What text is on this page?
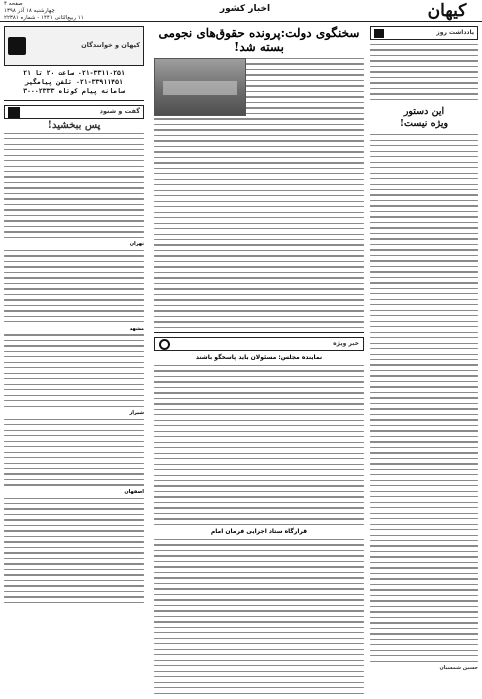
کیهان
اخبار کشور
صفحه ۴
چهارشنبه ۱۸ آذر ۱۳۹۸
۱۱ ربیع‌الثانی ۱۴۴۱ - شماره ۲۲۳۸۱
یادداشت روز
این دستور
ویژه نیست!
حسین شمسیان
سخنگوی دولت:پرونده حقوق‌های نجومی بسته شد!
خبر ویژه
نماینده مجلس: مسئولان باید پاسخگو باشند
قرارگاه ستاد اجرایی فرمان امام
کیهان و خوانندگان
۰۲۱-۳۳۱۱۰۲۵۱ ساعت ۲۰ تا ۲۱
۰۲۱-۳۳۹۱۱۴۵۱ تلفن پیامگیر
سامانه پیام کوتاه ۳۰۰۰۲۳۳۳
گفت و شنود
پس ببخشید!
تهران
مشهد
شیراز
اصفهان
